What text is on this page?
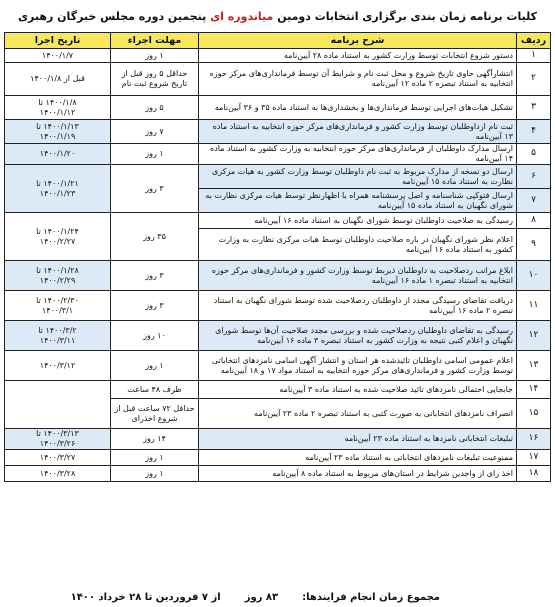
کلیات برنامه زمان بندی برگزاری انتخابات دومین

میاندوره ای

پنجمین دوره مجلس خبرگان رهبری
ردیف	شرح برنامه	مهلت اجراء	تاریخ اجرا
۱	دستور شروع انتخابات توسط وزارت کشور به استناد ماده ۲۸ آیین‌نامه	۱ روز	۱۴۰۰/۱/۷

۲	انتشارآگهی حاوی تاریخ شروع و محل ثبت نام و شرایط آن توسط فرمانداری‌های مرکز حوزه انتخابیه به استناد تبصره ۲ ماده ۱۲ آیین‌نامه	حداقل ۵ روز قبل از تاریخ شروع ثبت نام	قبل از ۱۴۰۰/۱/۸

۳	تشکیل هیات‌های اجرایی توسط فرمانداری‌ها و بخشداری‌ها به استناد ماده ۳۵ و ۳۶ آیین‌نامه	۵ روز	۱۴۰۰/۱/۸ تا
۱۴۰۰/۱/۱۲

۴	ثبت نام ازداوطلبان توسط وزارت کشور و فرمانداری‌های مرکز حوزه انتخابیه به استناد ماده ۱۳ آیین‌نامه	۷ روز	۱۴۰۰/۱/۱۳ تا
۱۴۰۰/۱/۱۹

۵	ارسال مدارک داوطلبان از فرمانداری‌های مرکز حوزه انتخابیه به وزارت کشور به استناد ماده ۱۴ آیین‌نامه	۱ روز	۱۴۰۰/۱/۲۰

۶	ارسال دو نسخه از مدارک مربوط به ثبت نام داوطلبان توسط وزارت کشور به هیات مرکزی نظارت به استناد ماده ۱۵ آیین‌نامه	۳ روز	۱۴۰۰/۱/۲۱ تا
۱۴۰۰/۱/۲۳

۷	ارسال فتوکپی شناسنامه و اصل پرسشنامه همراه با اظهارنظر توسط هیات مرکزی نظارت به شورای نگهبان به استناد ماده ۱۵ آیین‌نامه		
۸	رسیدگی به صلاحیت داوطلبان توسط شورای نگهبان به استناد ماده ۱۶ آیین‌نامه	۳۵ روز	۱۴۰۰/۱/۲۴ تا
۱۴۰۰/۲/۲۷

۹	اعلام نظر شورای نگهبان در باره صلاحیت داوطلبان توسط هیات مرکزی نظارت به وزارت کشور به استناد ماده ۱۶ آیین‌نامه		
۱۰	ابلاغ مراتب ردصلاحیت به داوطلبان ذیربط توسط وزارت کشور و فرمانداری‌های مرکز حوزه انتخابیه به استناد تبصره ۱ ماده ۱۶ آیین‌نامه	۳ روز	۱۴۰۰/۱/۲۸ تا
۱۴۰۰/۲/۲۹

۱۱	دریافت تقاضای رسیدگی مجدد از داوطلبان ردصلاحیت شده توسط شورای نگهبان به استناد تبصره ۲ ماده ۱۶ آیین‌نامه	۳ روز	۱۴۰۰/۲/۳۰ تا
۱۴۰۰/۳/۱

۱۲	رسیدگی به تقاضای داوطلبان ردصلاحیت شده و بررسی مجدد صلاحیت آن‌ها توسط شورای نگهبان و اعلام کتبی نتیجه به وزارت کشور به استناد تبصره ۳ ماده ۱۶ آیین‌نامه	۱۰ روز	۱۴۰۰/۳/۲ تا
۱۴۰۰/۳/۱۱

۱۳	اعلام عمومی اسامی داوطلبان تائیدشده هر استان و انتشار آگهی اسامی نامزدهای انتخاباتی توسط وزارت کشور و فرمانداری‌های مرکز حوزه انتخابیه به استناد مواد ۱۷ و ۱۸ آیین‌نامه	۱ روز	۱۴۰۰/۳/۱۲

۱۴	جابجایی احتمالی نامزدهای تائید صلاحیت شده به استناد ماده ۳ آیین‌نامه	ظرف ۴۸ ساعت	
۱۵	انصراف نامزدهای انتخاباتی به صورت کتبی به استناد تبصره ۲ ماده ۲۳ آیین‌نامه	حداقل ۷۲ ساعت قبل از شروع اخذرای	
۱۶	تبلیغات انتخاباتی نامزدها به استناد ماده ۲۳ آیین‌نامه	۱۴ روز	۱۴۰۰/۳/۱۳ تا
۱۴۰۰/۳/۲۶

۱۷	ممنوعیت تبلیغات نامزدهای انتخاباتی به استناد ماده ۲۳ آیین‌نامه	۱ روز	۱۴۰۰/۳/۲۷

۱۸	اخذ رای از واجدین شرایط در استان‌های مربوط به استناد ماده ۸ آیین‌نامه	۱ روز	۱۴۰۰/۳/۲۸
مجموع زمان انجام فرایندها:
۸۳ روز
از ۷ فروردین تا ۲۸ خرداد ۱۴۰۰
